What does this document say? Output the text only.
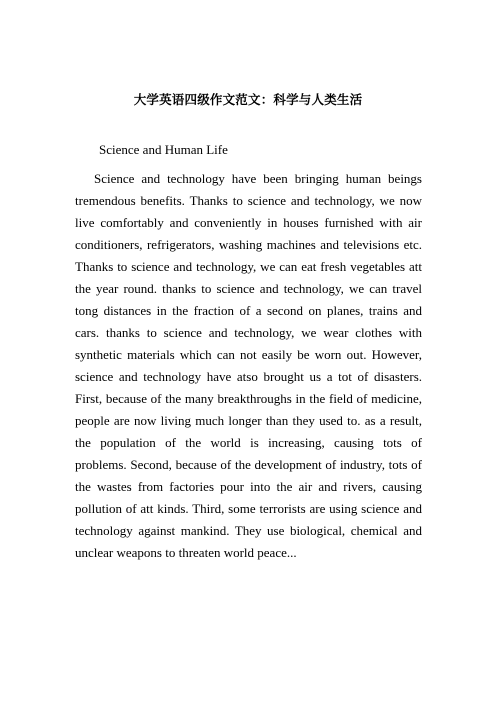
大学英语四级作文范文：科学与人类生活
Science and Human Life

Science and technology have been bringing human beings tremendous benefits. Thanks to science and technology, we now live comfortably and conveniently in houses furnished with air conditioners, refrigerators, washing machines and televisions etc. Thanks to science and technology, we can eat fresh vegetables att the year round. thanks to science and technology, we can travel tong distances in the fraction of a second on planes, trains and cars. thanks to science and technology, we wear clothes with synthetic materials which can not easily be worn out. However, science and technology have atso brought us a tot of disasters. First, because of the many breakthroughs in the field of medicine, people are now living much longer than they used to. as a result, the population of the world is increasing, causing tots of problems. Second, because of the development of industry, tots of the wastes from factories pour into the air and rivers, causing pollution of att kinds. Third, some terrorists are using science and technology against mankind. They use biological, chemical and unclear weapons to threaten world peace...
